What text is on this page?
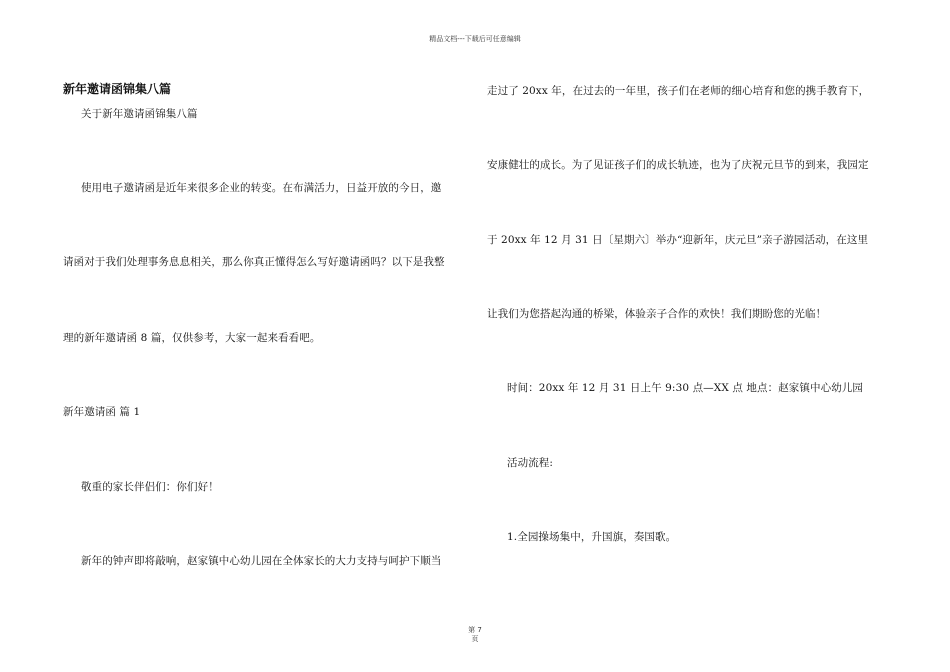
精品文档---下载后可任意编辑
新年邀请函锦集八篇
关于新年邀请函锦集八篇
使用电子邀请函是近年来很多企业的转变。在布满活力，日益开放的今日，邀
请函对于我们处理事务息息相关，那么你真正懂得怎么写好邀请函吗？以下是我整
理的新年邀请函 8 篇，仅供参考，大家一起来看看吧。
新年邀请函 篇 1
敬重的家长伴侣们：你们好！
新年的钟声即将敲响，赵家镇中心幼儿园在全体家长的大力支持与呵护下顺当
走过了 20xx 年，在过去的一年里，孩子们在老师的细心培育和您的携手教育下，
安康健壮的成长。为了见证孩子们的成长轨迹，也为了庆祝元旦节的到来，我园定
于 20xx 年 12 月 31 日〔星期六〕举办“迎新年，庆元旦”亲子游园活动，在这里
让我们为您搭起沟通的桥梁，体验亲子合作的欢快！我们期盼您的光临！
时间：20xx 年 12 月 31 日上午 9:30 点—XX 点 地点：赵家镇中心幼儿园
活动流程:
1.全园操场集中，升国旗，奏国歌。
第 7
页
